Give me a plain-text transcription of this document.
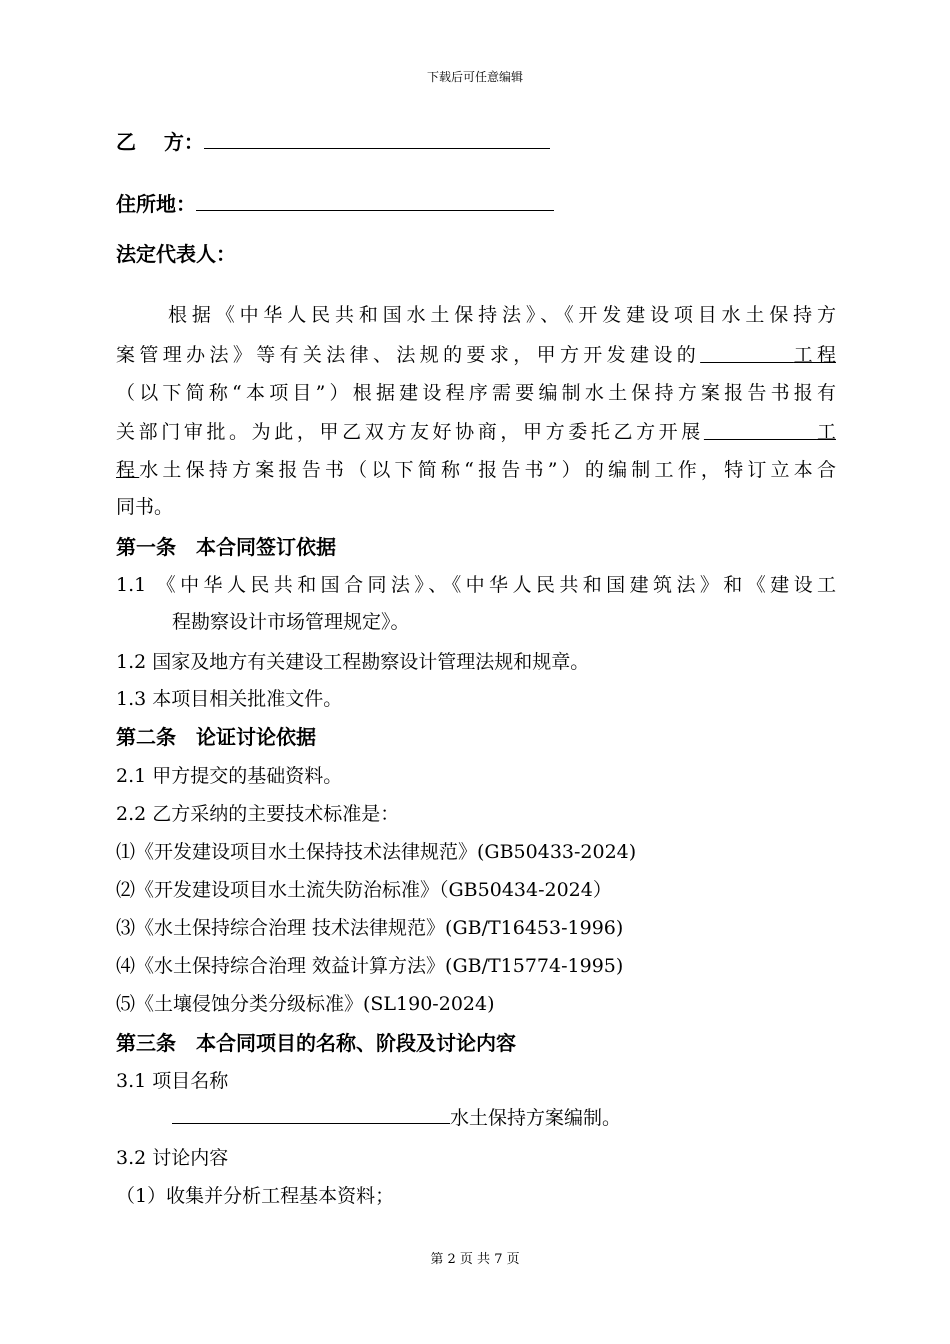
下载后可任意编辑
乙    方：
住所地：
法定代表人：
根据《中华人民共和国水土保持法》、《开发建设项目水土保持方
案管理办法》等有关法律、法规的要求，甲方开发建设的　　　　	工程
（以下简称“本项目”）根据建设程序需要编制水土保持方案报告书报有
关部门审批。为此，甲乙双方友好协商，甲方委托乙方开展　　　　　	工
程水土保持方案报告书（以下简称“报告书”）的编制工作，特订立本合
同书。
第一条　本合同签订依据
1.1 《中华人民共和国合同法》、《中华人民共和国建筑法》和《建设工
程勘察设计市场管理规定》。
1.2 国家及地方有关建设工程勘察设计管理法规和规章。
1.3 本项目相关批准文件。
第二条　论证讨论依据
2.1 甲方提交的基础资料。
2.2 乙方采纳的主要技术标准是：
⑴《开发建设项目水土保持技术法律规范》(GB50433-2024)
⑵《开发建设项目水土流失防治标准》（GB50434-2024）
⑶《水土保持综合治理 技术法律规范》(GB/T16453-1996)
⑷《水土保持综合治理 效益计算方法》(GB/T15774-1995)
⑸《土壤侵蚀分类分级标准》(SL190-2024)
第三条　本合同项目的名称、阶段及讨论内容
3.1 项目名称
水土保持方案编制。
3.2 讨论内容
（1）收集并分析工程基本资料；
第 2 页 共 7 页
